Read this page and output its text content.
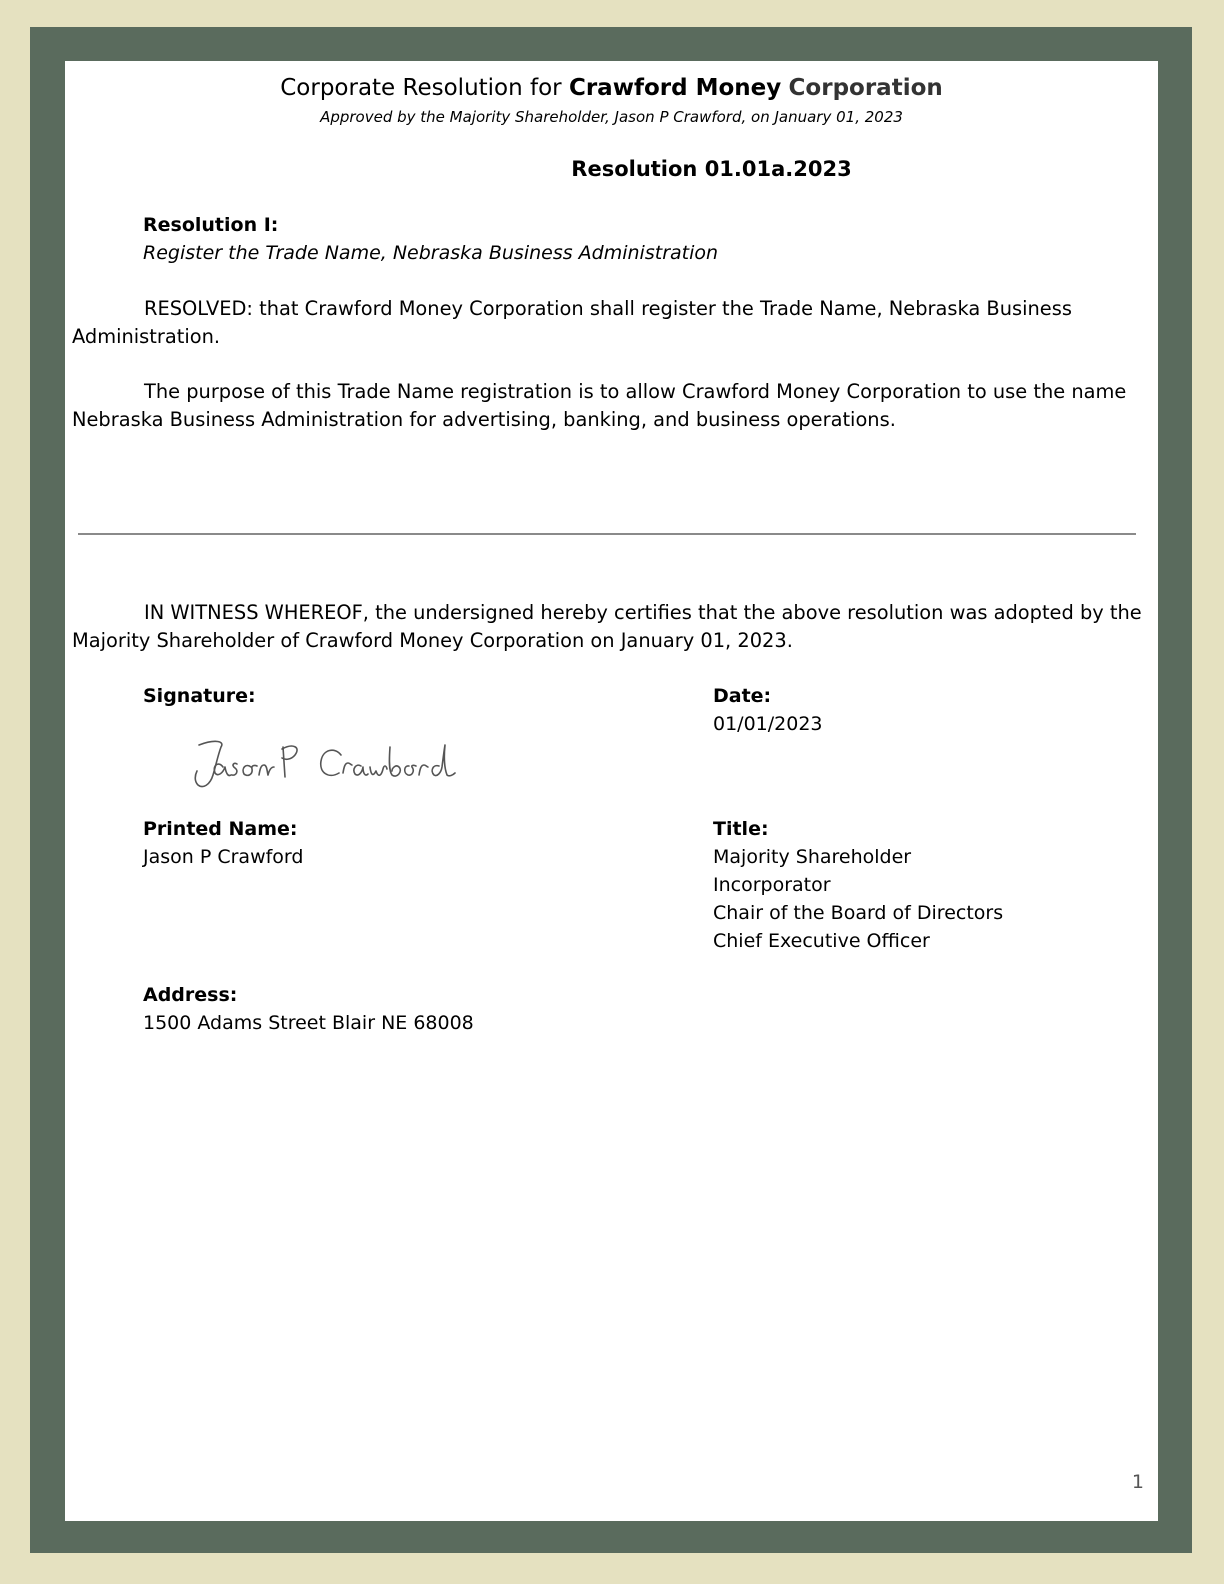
Corporate Resolution for Crawford Money Corporation
Approved by the Majority Shareholder, Jason P Crawford, on January 01, 2023
Resolution 01.01a.2023
Resolution I:
Register the Trade Name, Nebraska Business Administration
RESOLVED: that Crawford Money Corporation shall register the Trade Name, Nebraska Business Administration.
The purpose of this Trade Name registration is to allow Crawford Money Corporation to use the name Nebraska Business Administration for advertising, banking, and business operations.
IN WITNESS WHEREOF, the undersigned hereby certifies that the above resolution was adopted by the Majority Shareholder of Crawford Money Corporation on January 01, 2023.
Signature:	Date:
01/01/2023
Printed Name:
Jason P Crawford
Title:
Majority Shareholder
Incorporator
Chair of the Board of Directors
Chief Executive Officer
Address:
1500 Adams Street Blair NE 68008
1
